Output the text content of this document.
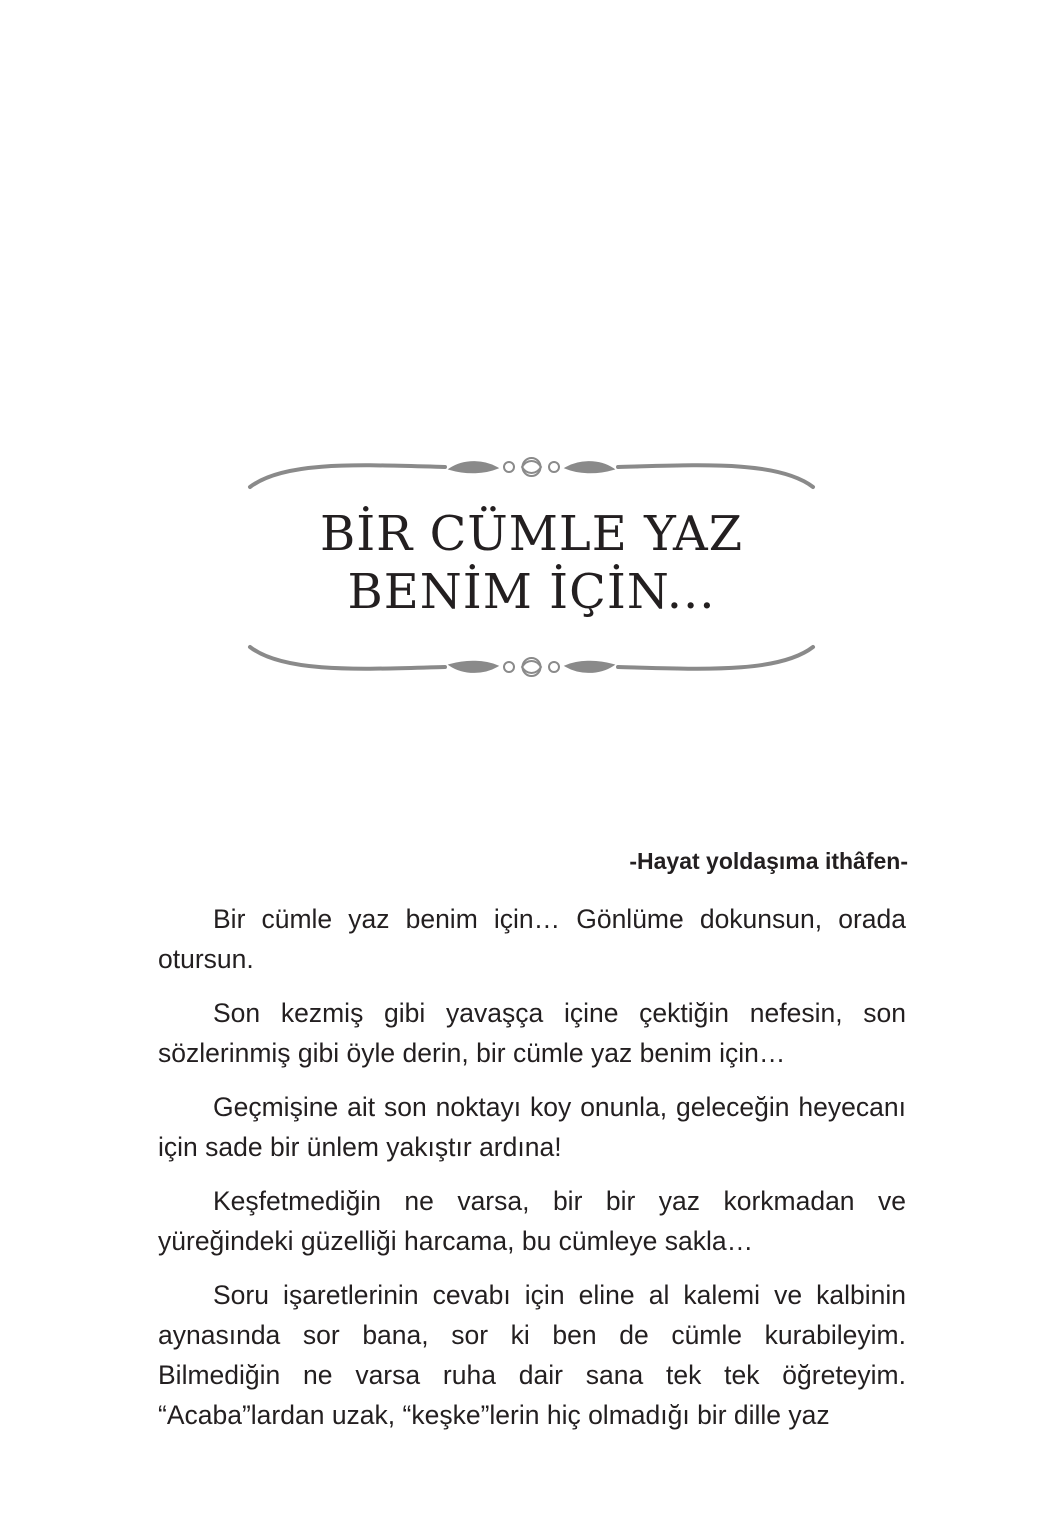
BİR CÜMLE YAZ
BENİM İÇİN...
-Hayat yoldaşıma ithâfen-

Bir cümle yaz benim için… Gönlüme dokunsun, orada otursun.

Son kezmiş gibi yavaşça içine çektiğin nefesin, son sözlerinmiş gibi öyle derin, bir cümle yaz benim için…

Geçmişine ait son noktayı koy onunla, geleceğin heyecanı için sade bir ünlem yakıştır ardına!

Keşfetmediğin ne varsa, bir bir yaz korkmadan ve yüreğindeki güzelliği harcama, bu cümleye sakla…

Soru işaretlerinin cevabı için eline al kalemi ve kalbinin aynasında sor bana, sor ki ben de cümle kurabileyim. Bilmediğin ne varsa ruha dair sana tek tek öğreteyim. “Acaba”lardan uzak, “keşke”lerin hiç olmadığı bir dille yaz
